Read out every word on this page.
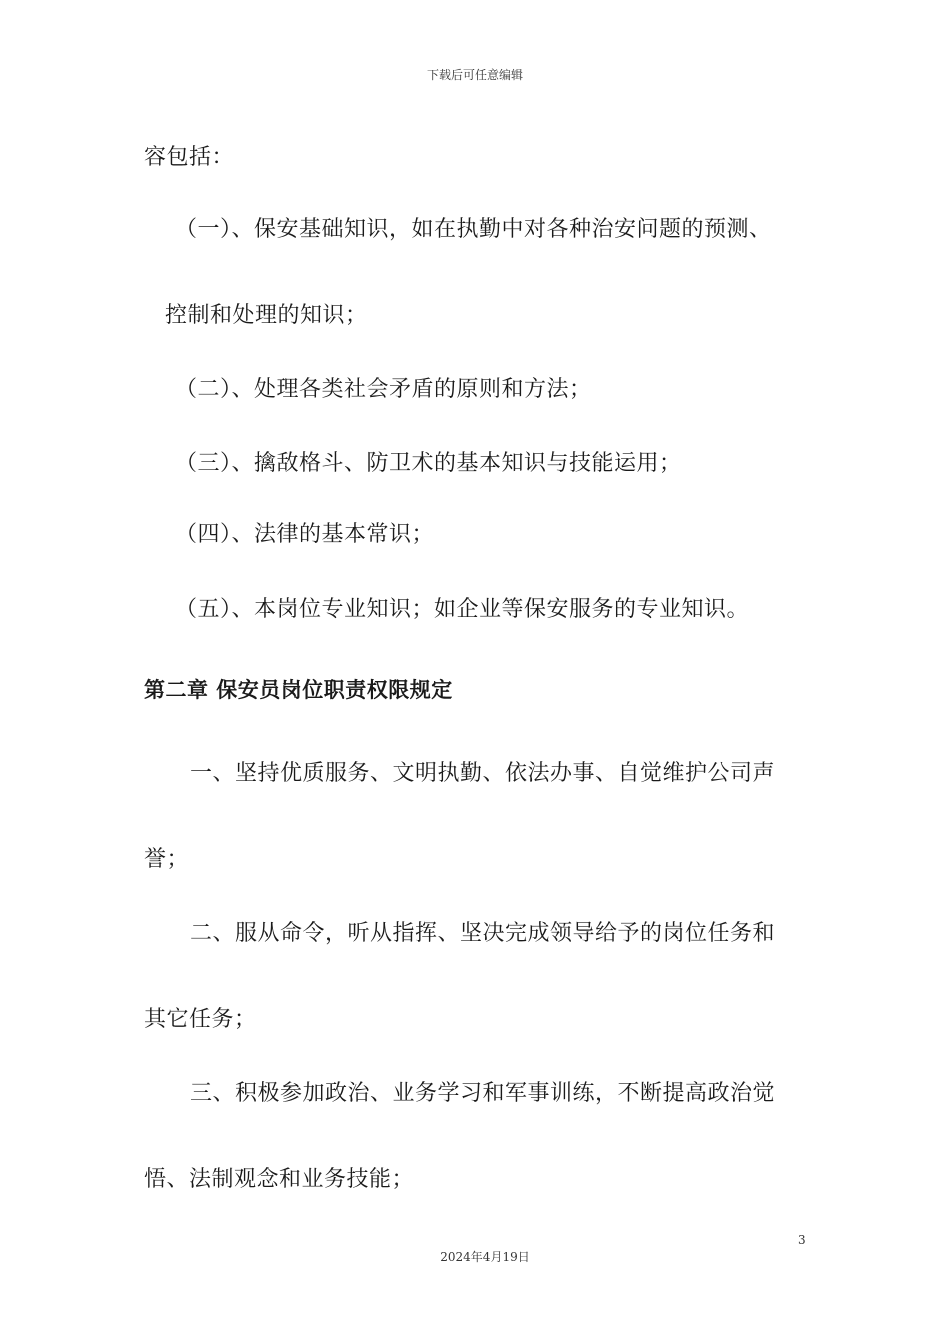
下载后可任意编辑
容包括：
（一）、保安基础知识，如在执勤中对各种治安问题的预测、
控制和处理的知识；
（二）、处理各类社会矛盾的原则和方法；
（三）、擒敌格斗、防卫术的基本知识与技能运用；
（四）、法律的基本常识；
（五）、本岗位专业知识；如企业等保安服务的专业知识。
第二章 保安员岗位职责权限规定
一、坚持优质服务、文明执勤、依法办事、自觉维护公司声
誉；
二、服从命令，听从指挥、坚决完成领导给予的岗位任务和
其它任务；
三、积极参加政治、业务学习和军事训练，不断提高政治觉
悟、法制观念和业务技能；
3
2024年4月19日
